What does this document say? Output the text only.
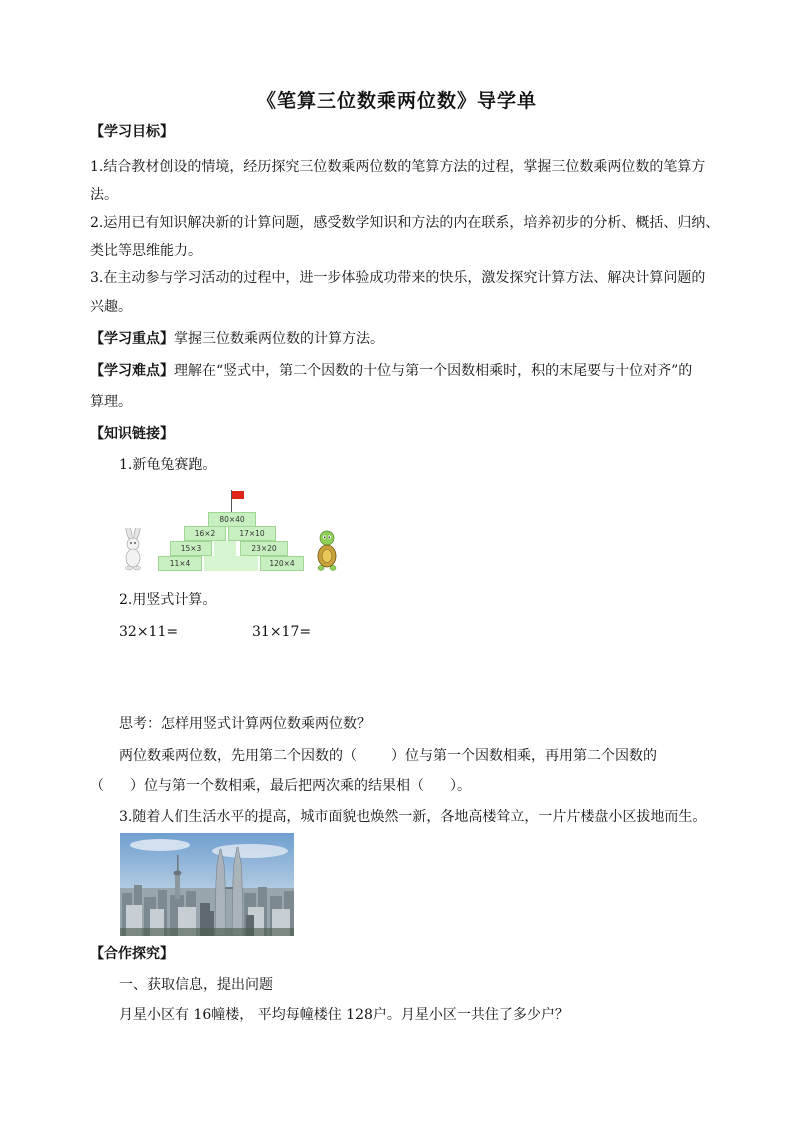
《笔算三位数乘两位数》导学单
【学习目标】
1.结合教材创设的情境，经历探究三位数乘两位数的笔算方法的过程，掌握三位数乘两位数的笔算方
法。
2.运用已有知识解决新的计算问题，感受数学知识和方法的内在联系，培养初步的分析、概括、归纳、
类比等思维能力。
3.在主动参与学习活动的过程中，进一步体验成功带来的快乐，激发探究计算方法、解决计算问题的
兴趣。
【学习重点】掌握三位数乘两位数的计算方法。
【学习难点】理解在“竖式中，第二个因数的十位与第一个因数相乘时，积的末尾要与十位对齐”的
算理。
【知识链接】
1.新龟兔赛跑。
80×40
16×2	17×10
15×3	23×20
11×4	120×4
2.用竖式计算。
32×11=	31×17=
思考：怎样用竖式计算两位数乘两位数？
两位数乘两位数，先用第二个因数的（ ）位与第一个因数相乘，再用第二个因数的
（ ）位与第一个数相乘，最后把两次乘的结果相（ ）。
3.随着人们生活水平的提高，城市面貌也焕然一新，各地高楼耸立，一片片楼盘小区拔地而生。
【合作探究】
一、获取信息，提出问题
月星小区有 16幢楼， 平均每幢楼住 128户。月星小区一共住了多少户？
